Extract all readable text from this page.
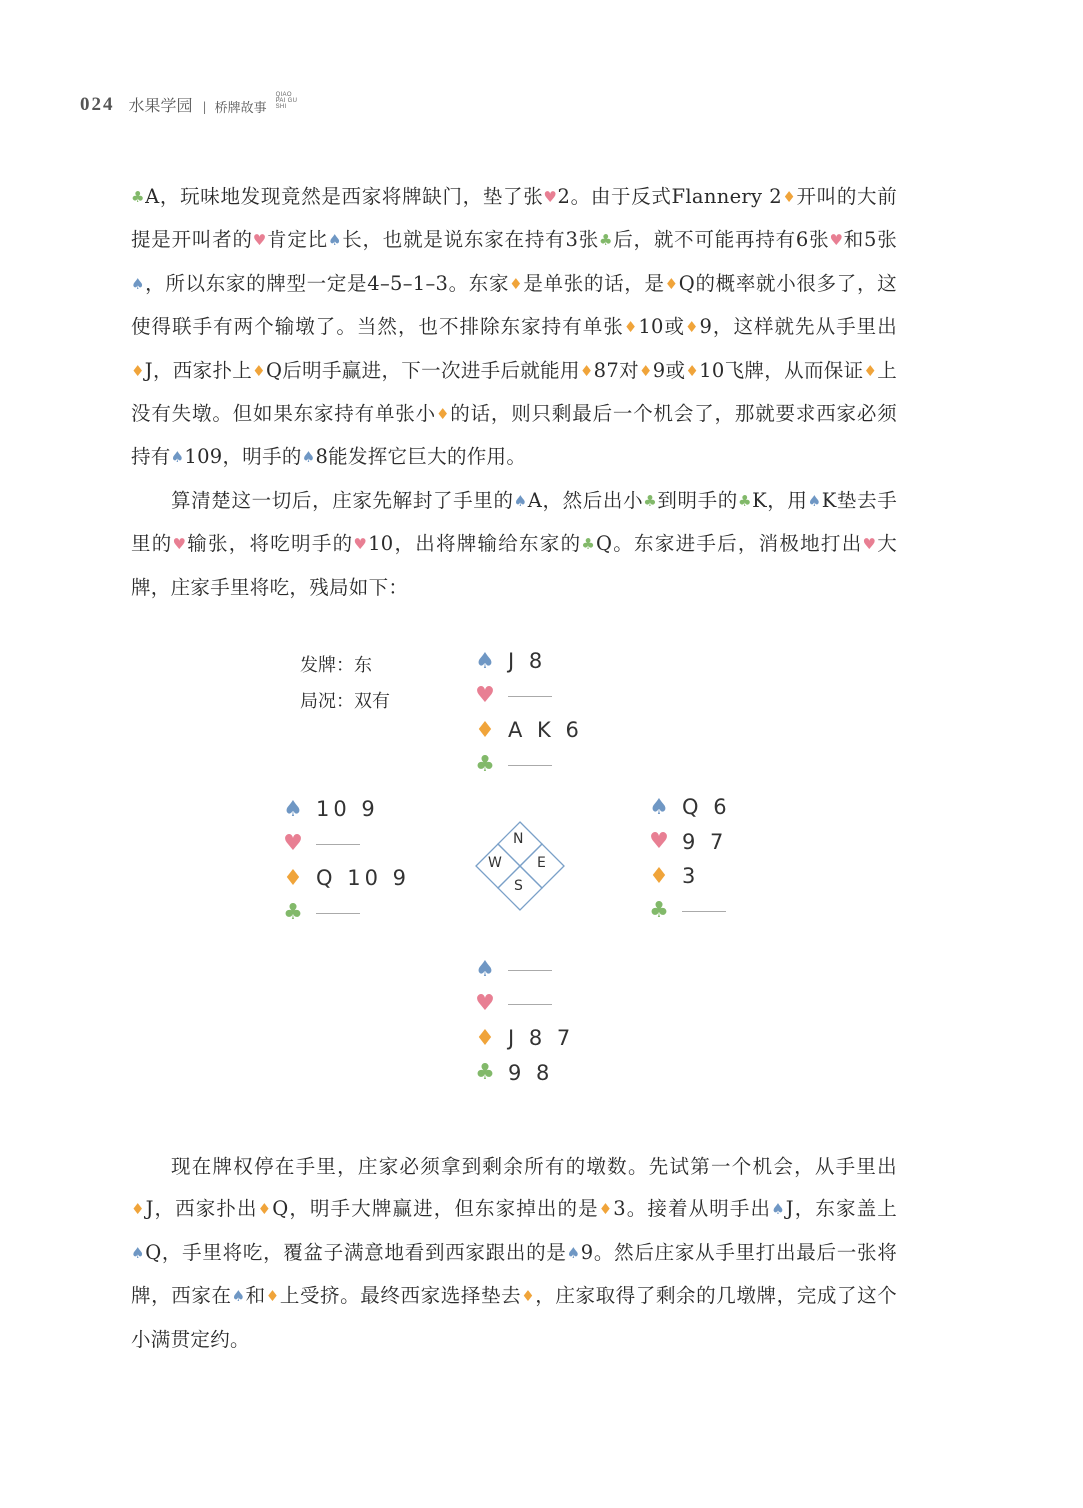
024 水果学园 | 桥牌故事
QIAO PAI GU SHI

♣A，玩味地发现竟然是西家将牌缺门，垫了张♥2。由于反式Flannery 2♦开叫的大前提是开叫者的♥肯定比♠长，也就是说东家在持有3张♣后，就不可能再持有6张♥和5张♠，所以东家的牌型一定是4–5–1–3。东家♦是单张的话，是♦Q的概率就小很多了，这使得联手有两个输墩了。当然，也不排除东家持有单张♦10或♦9，这样就先从手里出♦J，西家扑上♦Q后明手赢进，下一次进手后就能用♦87对♦9或♦10飞牌，从而保证♦上没有失墩。但如果东家持有单张小♦的话，则只剩最后一个机会了，那就要求西家必须持有♠109，明手的♠8能发挥它巨大的作用。

算清楚这一切后，庄家先解封了手里的♠A，然后出小♣到明手的♣K，用♠K垫去手里的♥输张，将吃明手的♥10，出将牌输给东家的♣Q。东家进手后，消极地打出♥大牌，庄家手里将吃，残局如下：

发牌：东
局况：双有
♠ J 8
♥
♦ A K 6
♣
♠ 10 9
♥
♦ Q 10 9
♣
N
E
S
W
♠ Q 6
♥ 9 7
♦ 3
♣
♠
♥
♦ J 8 7
♣ 9 8

现在牌权停在手里，庄家必须拿到剩余所有的墩数。先试第一个机会，从手里出♦J，西家扑出♦Q，明手大牌赢进，但东家掉出的是♦3。接着从明手出♠J，东家盖上♠Q，手里将吃，覆盆子满意地看到西家跟出的是♠9。然后庄家从手里打出最后一张将牌，西家在♠和♦上受挤。最终西家选择垫去♦，庄家取得了剩余的几墩牌，完成了这个小满贯定约。
